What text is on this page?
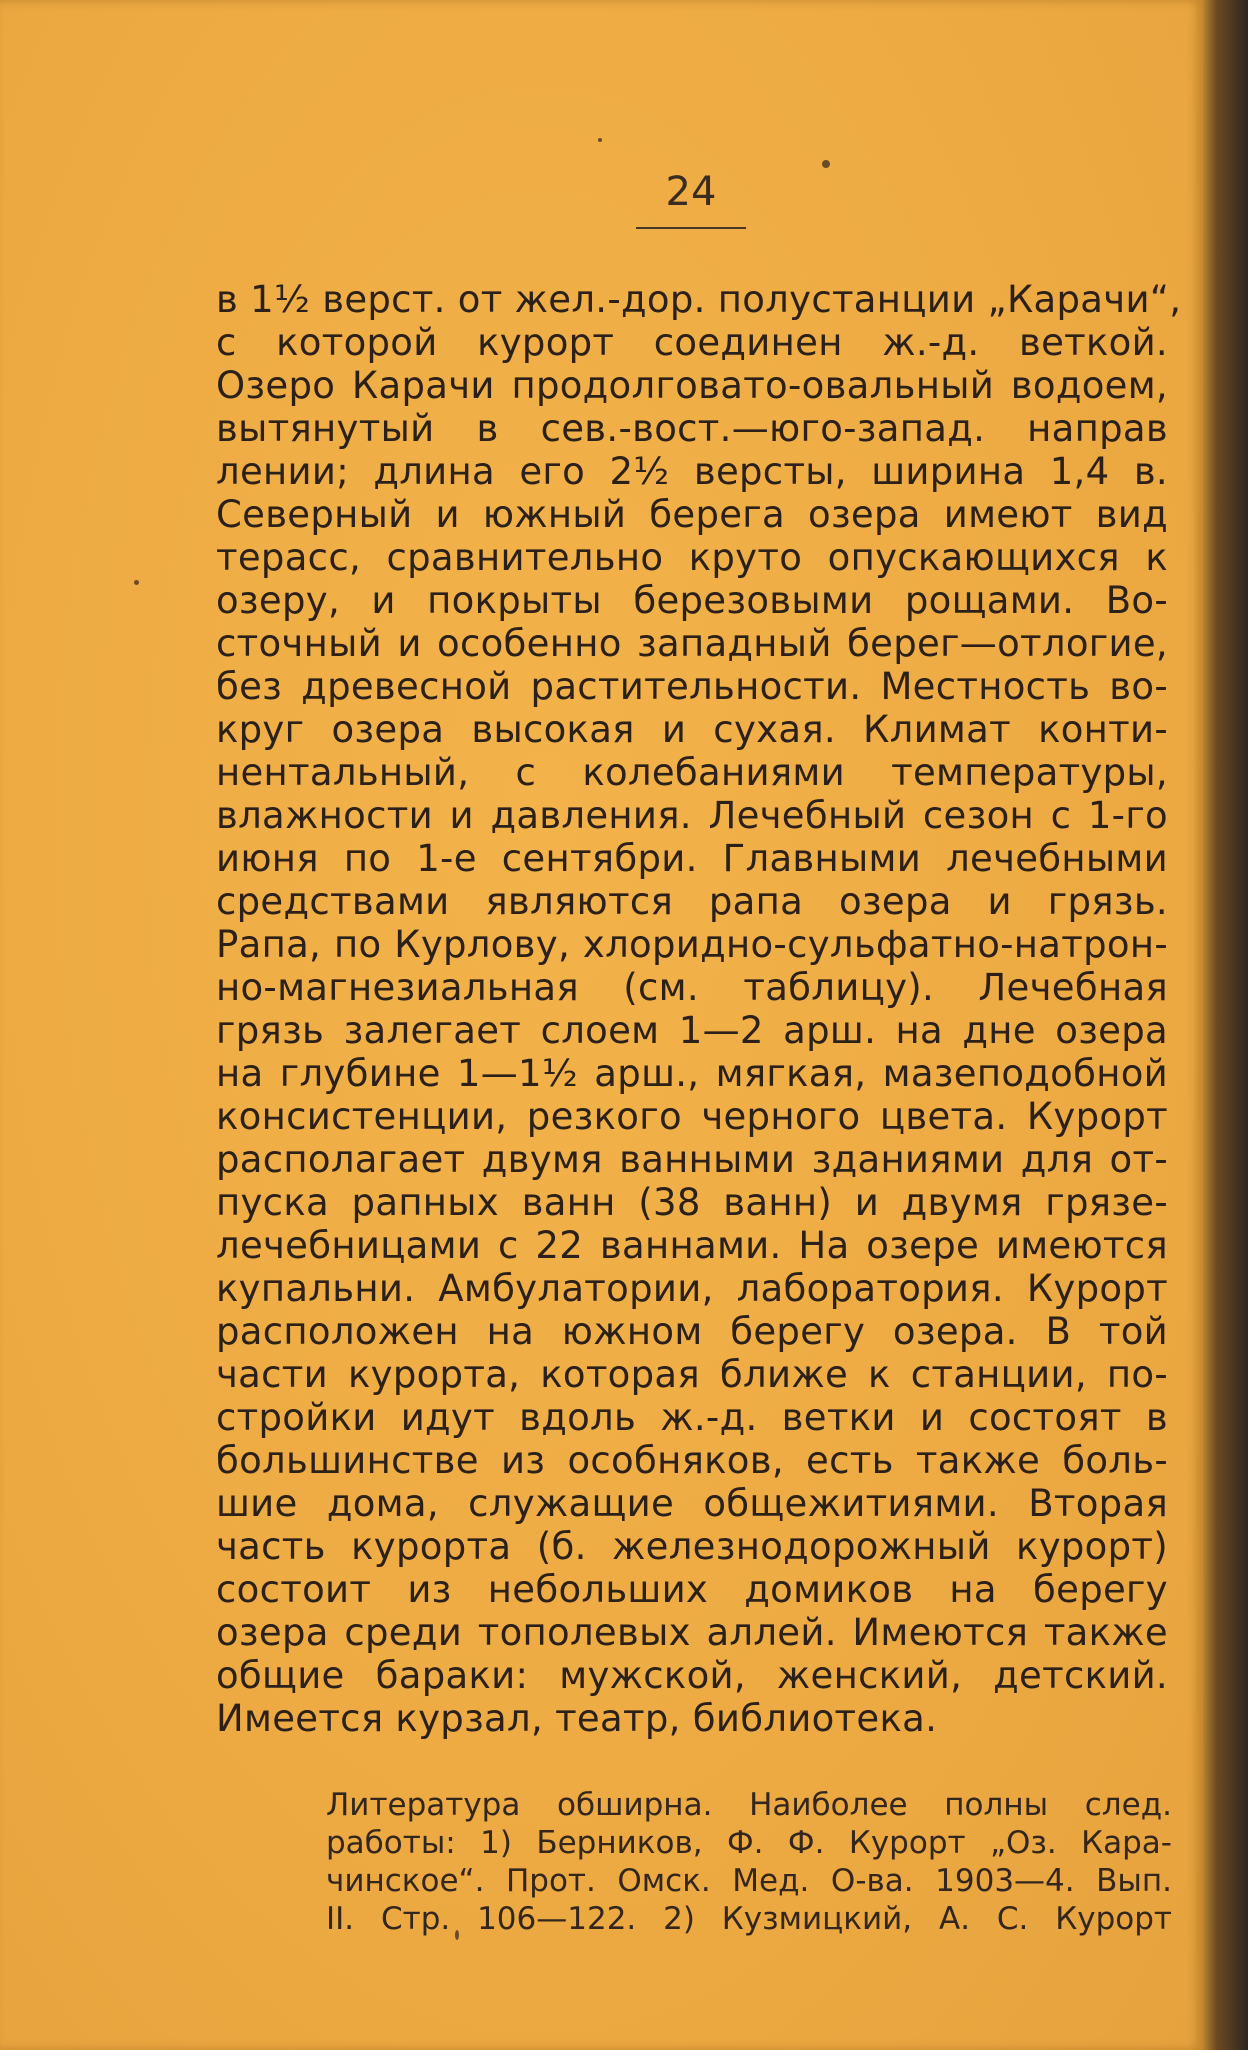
24
в 1½ верст. от жел.-дор. полустанции „Карачи“,
с которой курорт соединен ж.-д. веткой.
Озеро Карачи продолговато-овальный водоем,
вытянутый в сев.-вост.—юго-запад. направ
лении; длина его 2½ версты, ширина 1,4 в.
Северный и южный берега озера имеют вид
терасс, сравнительно круто опускающихся к
озеру, и покрыты березовыми рощами. Во-
сточный и особенно западный берег—отлогие,
без древесной растительности. Местность во-
круг озера высокая и сухая. Климат конти-
нентальный, с колебаниями температуры,
влажности и давления. Лечебный сезон с 1-го
июня по 1-е сентябри. Главными лечебными
средствами являются рапа озера и грязь.
Рапа, по Курлову, хлоридно-сульфатно-натрон-
но-магнезиальная (см. таблицу). Лечебная
грязь залегает слоем 1—2 арш. на дне озера
на глубине 1—1½ арш., мягкая, мазеподобной
консистенции, резкого черного цвета. Курорт
располагает двумя ванными зданиями для от-
пуска рапных ванн (38 ванн) и двумя грязе-
лечебницами с 22 ваннами. На озере имеются
купальни. Амбулатории, лаборатория. Курорт
расположен на южном берегу озера. В той
части курорта, которая ближе к станции, по-
стройки идут вдоль ж.-д. ветки и состоят в
большинстве из особняков, есть также боль-
шие дома, служащие общежитиями. Вторая
часть курорта (б. железнодорожный курорт)
состоит из небольших домиков на берегу
озера среди тополевых аллей. Имеются также
общие бараки: мужской, женский, детский.
Имеется курзал, театр, библиотека.
Литература обширна. Наиболее полны след.
работы: 1) Берников, Ф. Ф. Курорт „Оз. Кара-
чинское“. Прот. Омск. Мед. О-ва. 1903—4. Вып.
II. Стр. 106—122. 2) Кузмицкий, А. С. Курорт
